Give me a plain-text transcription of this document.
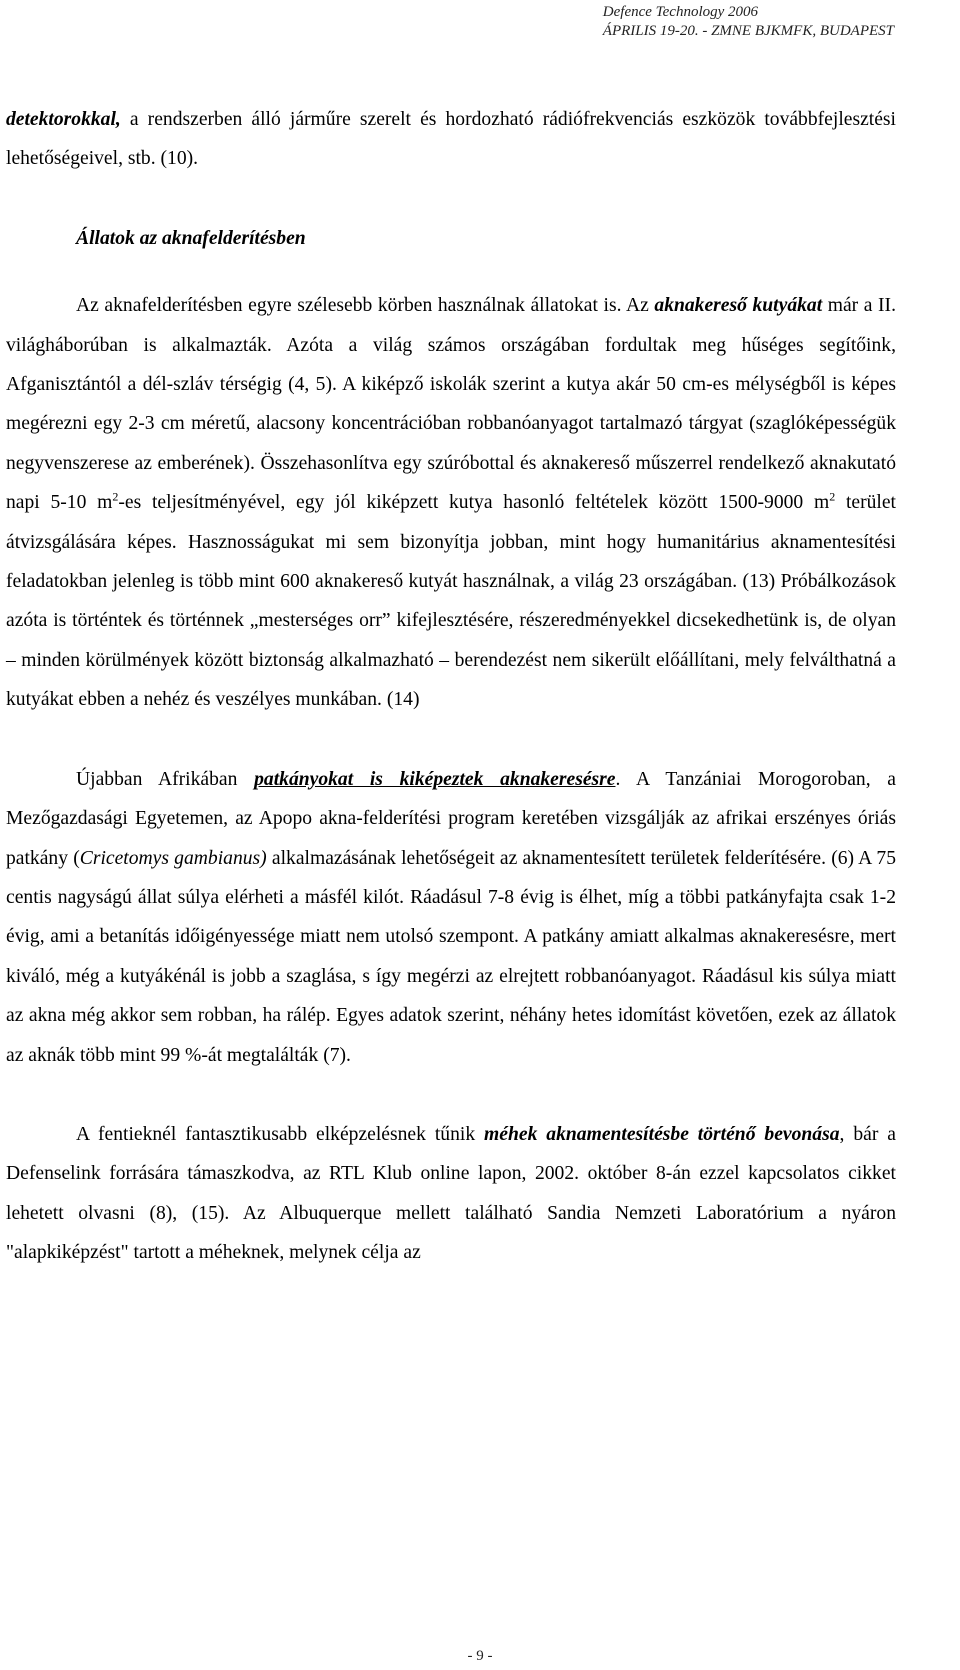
Defence Technology 2006
ÁPRILIS 19-20. - ZMNE BJKMFK, BUDAPEST

detektorokkal, a rendszerben álló járműre szerelt és hordozható rádiófrekvenciás eszközök továbbfejlesztési lehetőségeivel, stb. (10).

Állatok az aknafelderítésben

Az aknafelderítésben egyre szélesebb körben használnak állatokat is. Az aknakereső kutyákat már a II. világháborúban is alkalmazták. Azóta a világ számos országában fordultak meg hűséges segítőink, Afganisztántól a dél-szláv térségig (4, 5). A kiképző iskolák szerint a kutya akár 50 cm-es mélységből is képes megérezni egy 2-3 cm méretű, alacsony koncentrációban robbanóanyagot tartalmazó tárgyat (szaglóképességük negyvenszerese az emberének). Összehasonlítva egy szúróbottal és aknakereső műszerrel rendelkező aknakutató napi 5-10 $m^2-es$ teljesítményével, egy jól kiképzett kutya hasonló feltételek között 1500-9000 $m^2$ terület átvizsgálására képes. Hasznosságukat mi sem bizonyítja jobban, mint hogy humanitárius aknamentesítési feladatokban jelenleg is több mint 600 aknakereső kutyát használnak, a világ 23 országában. (13) Próbálkozások azóta is történtek és történnek „mesterséges orr” kifejlesztésére, részeredményekkel dicsekedhetünk is, de olyan – minden körülmények között biztonság alkalmazható – berendezést nem sikerült előállítani, mely felválthatná a kutyákat ebben a nehéz és veszélyes munkában. (14)

Újabban Afrikában patkányokat is kiképeztek aknakeresésre. A Tanzániai Morogoroban, a Mezőgazdasági Egyetemen, az Apopo akna-felderítési program keretében vizsgálják az afrikai erszényes óriás patkány (Cricetomys gambianus) alkalmazásának lehetőségeit az aknamentesített területek felderítésére. (6) A 75 centis nagyságú állat súlya elérheti a másfél kilót. Ráadásul 7-8 évig is élhet, míg a többi patkányfajta csak 1-2 évig, ami a betanítás időigényessége miatt nem utolsó szempont. A patkány amiatt alkalmas aknakeresésre, mert kiváló, még a kutyákénál is jobb a szaglása, s így megérzi az elrejtett robbanóanyagot. Ráadásul kis súlya miatt az akna még akkor sem robban, ha rálép. Egyes adatok szerint, néhány hetes idomítást követően, ezek az állatok az aknák több mint 99 %-át megtalálták (7).

A fentieknél fantasztikusabb elképzelésnek tűnik méhek aknamentesítésbe történő bevonása, bár a Defenselink forrására támaszkodva, az RTL Klub online lapon, 2002. október 8-án ezzel kapcsolatos cikket lehetett olvasni (8), (15). Az Albuquerque mellett található Sandia Nemzeti Laboratórium a nyáron "alapkiképzést" tartott a méheknek, melynek célja az

- 9 -
